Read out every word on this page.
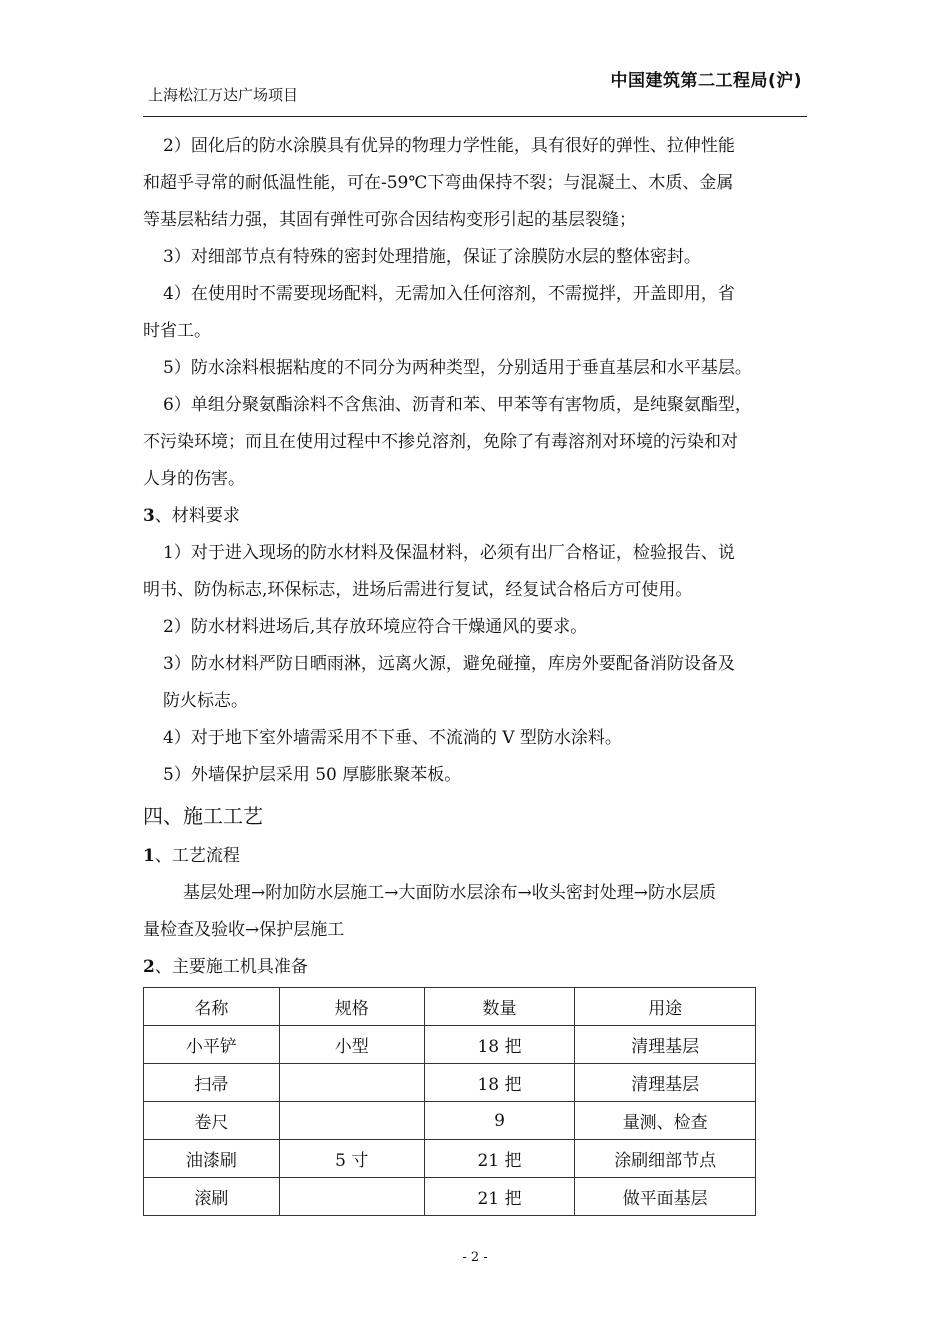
上海松江万达广场项目
中国建筑第二工程局(沪)

2）固化后的防水涂膜具有优异的物理力学性能，具有很好的弹性、拉伸性能

和超乎寻常的耐低温性能，可在-59℃下弯曲保持不裂；与混凝土、木质、金属

等基层粘结力强，其固有弹性可弥合因结构变形引起的基层裂缝；

3）对细部节点有特殊的密封处理措施，保证了涂膜防水层的整体密封。

4）在使用时不需要现场配料，无需加入任何溶剂，不需搅拌，开盖即用，省

时省工。

5）防水涂料根据粘度的不同分为两种类型，分别适用于垂直基层和水平基层。

6）单组分聚氨酯涂料不含焦油、沥青和苯、甲苯等有害物质，是纯聚氨酯型，

不污染环境；而且在使用过程中不掺兑溶剂，免除了有毒溶剂对环境的污染和对

人身的伤害。

3、材料要求

1）对于进入现场的防水材料及保温材料，必须有出厂合格证，检验报告、说

明书、防伪标志,环保标志，进场后需进行复试，经复试合格后方可使用。

2）防水材料进场后,其存放环境应符合干燥通风的要求。

3）防水材料严防日晒雨淋，远离火源，避免碰撞，库房外要配备消防设备及

防火标志。

4）对于地下室外墙需采用不下垂、不流淌的 V 型防水涂料。

5）外墙保护层采用 50 厚膨胀聚苯板。

四、施工工艺

1、工艺流程

基层处理→附加防水层施工→大面防水层涂布→收头密封处理→防水层质

量检查及验收→保护层施工

2、主要施工机具准备

名称	规格	数量	用途
小平铲	小型	18 把	清理基层
扫帚		18 把	清理基层
卷尺		9	量测、检查
油漆刷	5 寸	21 把	涂刷细部节点
滚刷		21 把	做平面基层
- 2 -
